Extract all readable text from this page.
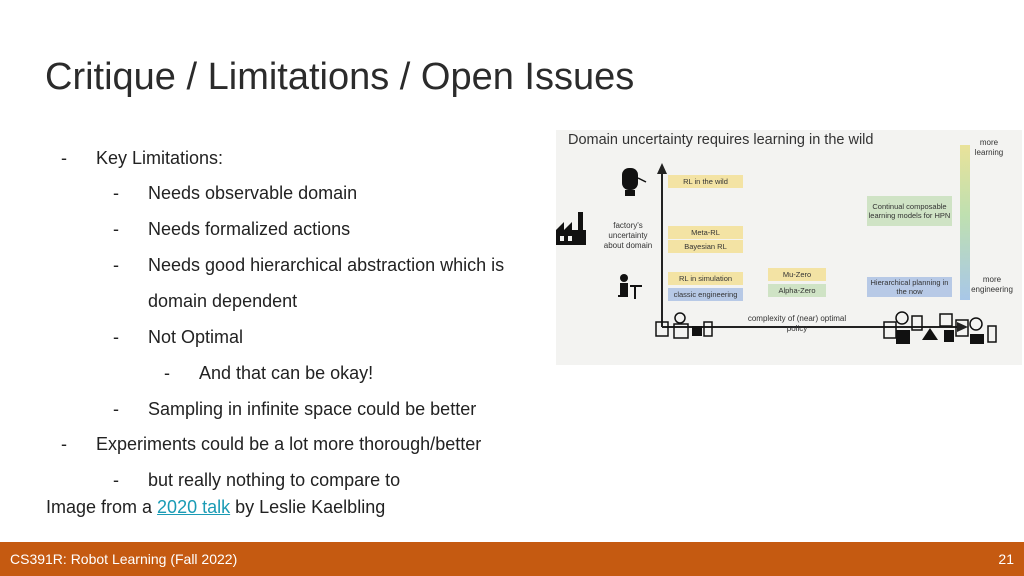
Critique / Limitations / Open Issues
- Key Limitations:
- Needs observable domain
- Needs formalized actions
- Needs good hierarchical abstraction which is
domain dependent
- Not Optimal
- And that can be okay!
- Sampling in infinite space could be better
- Experiments could be a lot more thorough/better
- but really nothing to compare to
Image from a 2020 talk by Leslie Kaelbling
Domain uncertainty requires learning in the wild
factory's uncertainty about domain
complexity of (near) optimal policy
more learning
more engineering
RL in the wild
Meta-RL
Bayesian RL
RL in simulation
classic engineering
Mu-Zero
Alpha-Zero
Continual composable learning models for HPN
Hierarchical planning in the now
CS391R: Robot Learning (Fall 2022)	21
